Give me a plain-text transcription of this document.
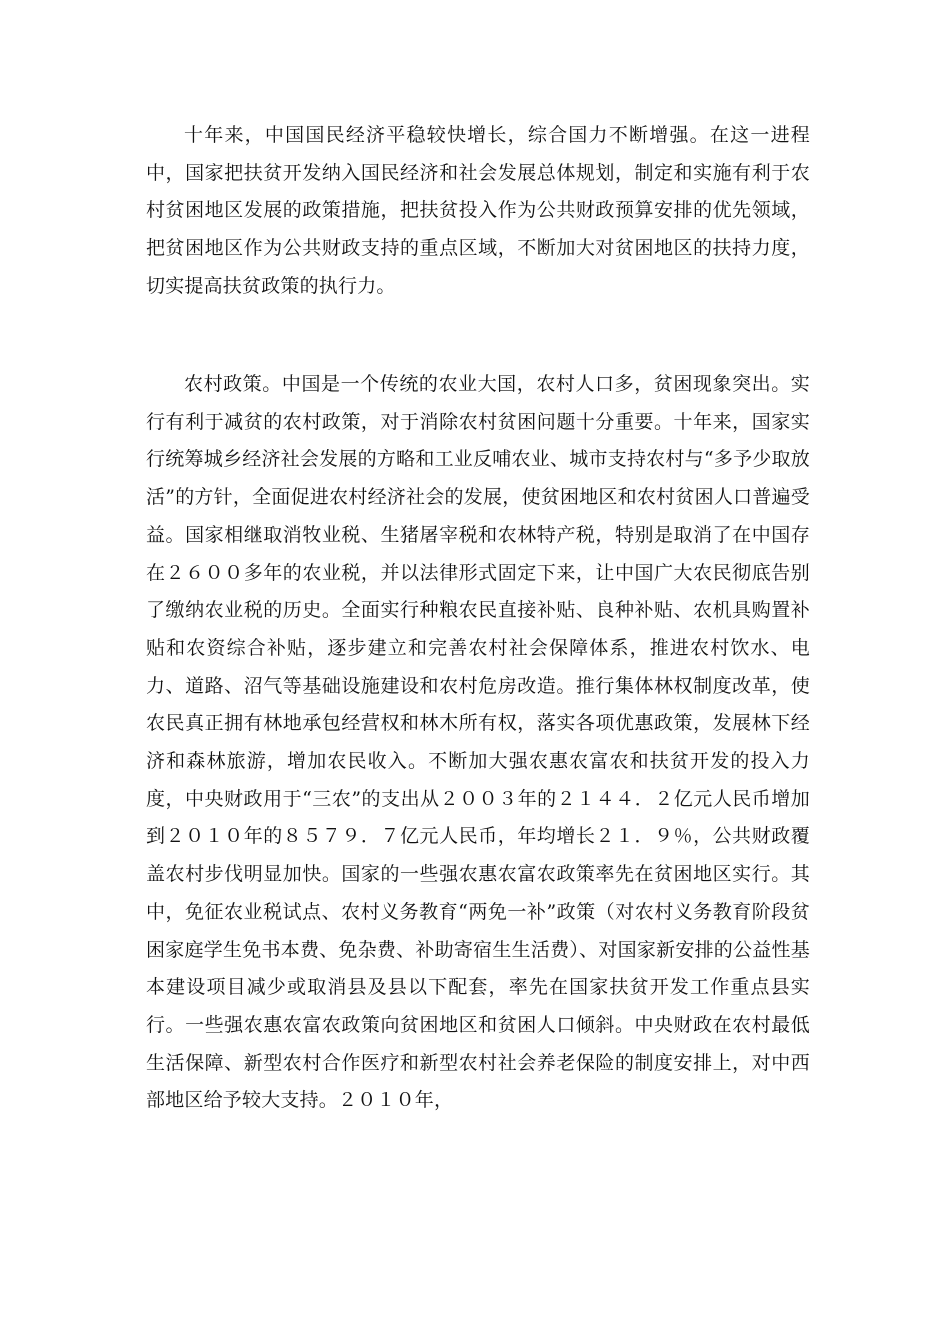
十年来，中国国民经济平稳较快增长，综合国力不断增强。在这一进程中，国家把扶贫开发纳入国民经济和社会发展总体规划，制定和实施有利于农村贫困地区发展的政策措施，把扶贫投入作为公共财政预算安排的优先领域，把贫困地区作为公共财政支持的重点区域，不断加大对贫困地区的扶持力度，切实提高扶贫政策的执行力。

农村政策。中国是一个传统的农业大国，农村人口多，贫困现象突出。实行有利于减贫的农村政策，对于消除农村贫困问题十分重要。十年来，国家实行统筹城乡经济社会发展的方略和工业反哺农业、城市支持农村与“多予少取放活”的方针，全面促进农村经济社会的发展，使贫困地区和农村贫困人口普遍受益。国家相继取消牧业税、生猪屠宰税和农林特产税，特别是取消了在中国存在２６００多年的农业税，并以法律形式固定下来，让中国广大农民彻底告别了缴纳农业税的历史。全面实行种粮农民直接补贴、良种补贴、农机具购置补贴和农资综合补贴，逐步建立和完善农村社会保障体系，推进农村饮水、电力、道路、沼气等基础设施建设和农村危房改造。推行集体林权制度改革，使农民真正拥有林地承包经营权和林木所有权，落实各项优惠政策，发展林下经济和森林旅游，增加农民收入。不断加大强农惠农富农和扶贫开发的投入力度，中央财政用于“三农”的支出从２００３年的２１４４．２亿元人民币增加到２０１０年的８５７９．７亿元人民币，年均增长２１．９％，公共财政覆盖农村步伐明显加快。国家的一些强农惠农富农政策率先在贫困地区实行。其中，免征农业税试点、农村义务教育“两免一补”政策（对农村义务教育阶段贫困家庭学生免书本费、免杂费、补助寄宿生生活费）、对国家新安排的公益性基本建设项目减少或取消县及县以下配套，率先在国家扶贫开发工作重点县实行。一些强农惠农富农政策向贫困地区和贫困人口倾斜。中央财政在农村最低生活保障、新型农村合作医疗和新型农村社会养老保险的制度安排上，对中西部地区给予较大支持。２０１０年，
